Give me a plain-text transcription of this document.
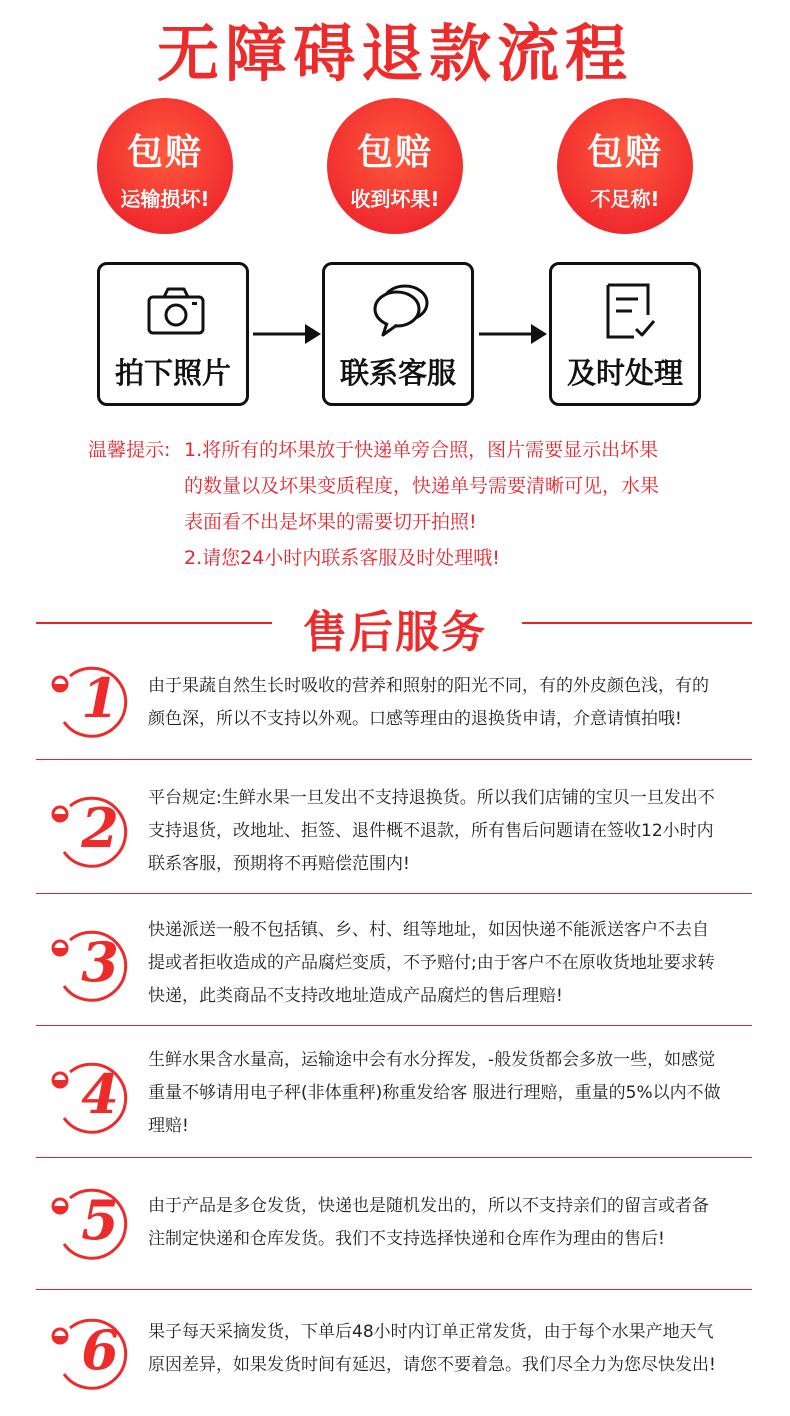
无障碍退款流程
包赔
运输损坏!
包赔
收到坏果!
包赔
不足称!
拍下照片	联系客服	及时处理
温馨提示: 1.将所有的坏果放于快递单旁合照，图片需要显示出坏果
的数量以及坏果变质程度，快递单号需要清晰可见，水果
表面看不出是坏果的需要切开拍照!
2.请您24小时内联系客服及时处理哦!
售后服务
1	由于果蔬自然生长时吸收的营养和照射的阳光不同，有的外皮颜色浅，有的
颜色深，所以不支持以外观。口感等理由的退换货申请，介意请慎拍哦!
2	平台规定:生鲜水果一旦发出不支持退换货。所以我们店铺的宝贝一旦发出不
支持退货，改地址、拒签、退件概不退款，所有售后问题请在签收12小时内
联系客服，预期将不再赔偿范围内!
3	快递派送一般不包括镇、乡、村、组等地址，如因快递不能派送客户不去自
提或者拒收造成的产品腐烂变质，不予赔付;由于客户不在原收货地址要求转
快递，此类商品不支持改地址造成产品腐烂的售后理赔!
4
生鲜水果含水量高，运输途中会有水分挥发，-般发货都会多放一些，如感觉
重量不够请用电子秤(非体重秤)称重发给客 服进行理赔，重量的5%以内不做
理赔!
5	由于产品是多仓发货，快递也是随机发出的，所以不支持亲们的留言或者备
注制定快递和仓库发货。我们不支持选择快递和仓库作为理由的售后!
6	果子每天采摘发货，下单后48小时内订单正常发货，由于每个水果产地天气
原因差异，如果发货时间有延迟，请您不要着急。我们尽全力为您尽快发出!
